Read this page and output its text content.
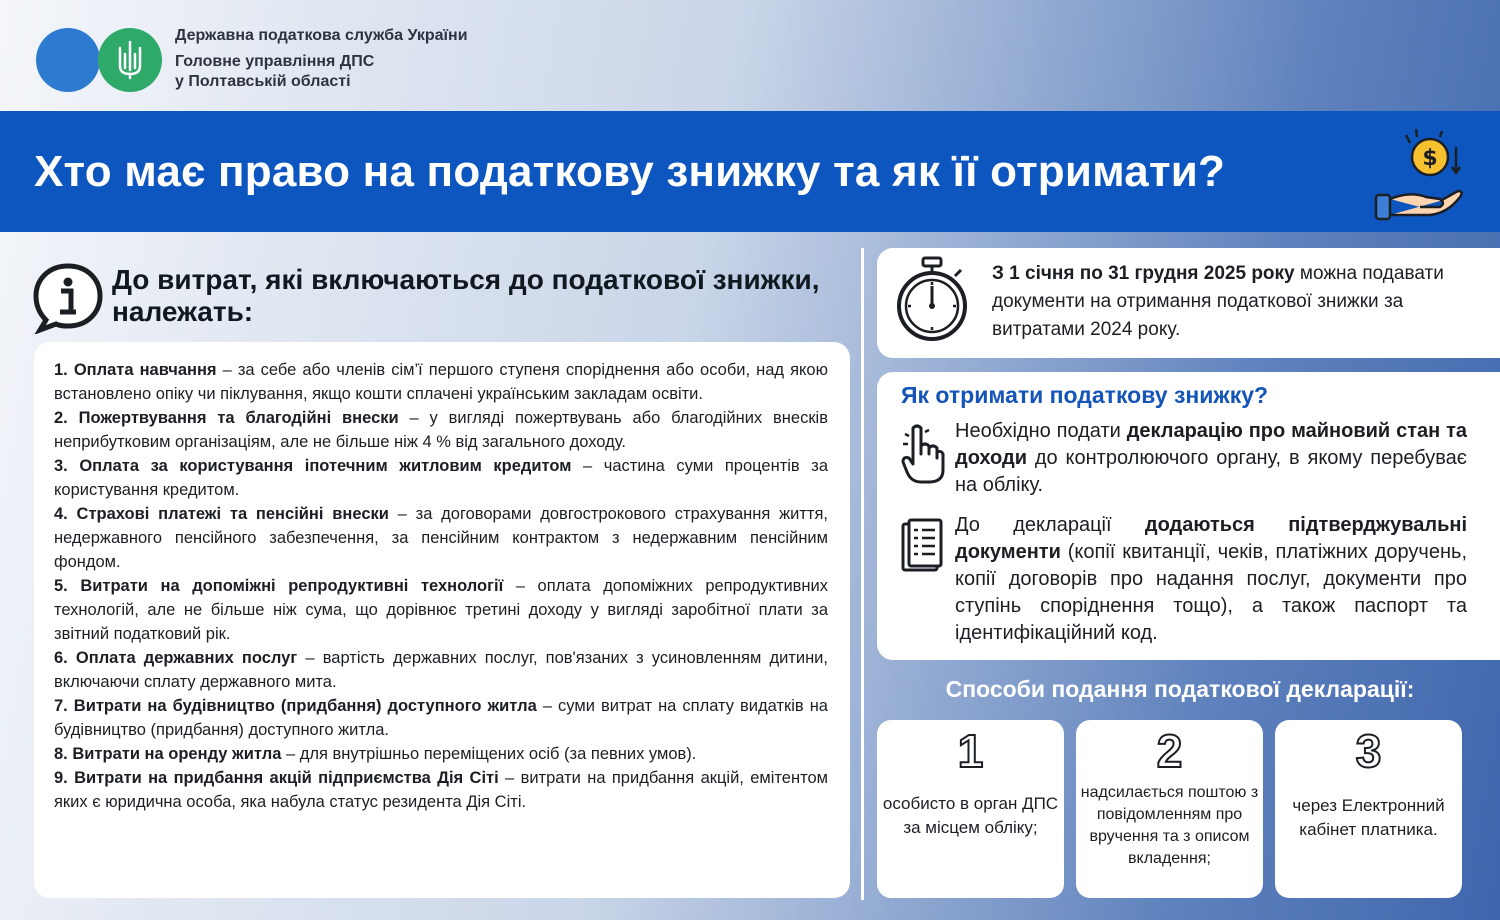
Державна податкова служба України
Головне управління ДПС
у Полтавській області
Хто має право на податкову знижку та як її отримати?	$
До витрат, які включаються до податкової знижки, належать:

1. Оплата навчання – за себе або членів сім’ї першого ступеня споріднення або особи, над якою встановлено опіку чи піклування, якщо кошти сплачені українським закладам освіти.

2. Пожертвування та благодійні внески – у вигляді пожертвувань або благодійних внесків неприбутковим організаціям, але не більше ніж 4 % від загального доходу.

3. Оплата за користування іпотечним житловим кредитом – частина суми процентів за користування кредитом.

4. Страхові платежі та пенсійні внески – за договорами довгострокового страхування життя, недержавного пенсійного забезпечення, за пенсійним контрактом з недержавним пенсійним фондом.

5. Витрати на допоміжні репродуктивні технології – оплата допоміжних репродуктивних технологій, але не більше ніж сума, що дорівнює третині доходу у вигляді заробітної плати за звітний податковий рік.

6. Оплата державних послуг – вартість державних послуг, пов'язаних з усиновленням дитини, включаючи сплату державного мита.

7. Витрати на будівництво (придбання) доступного житла – суми витрат на сплату видатків на будівництво (придбання) доступного житла.

8. Витрати на оренду житла – для внутрішньо переміщених осіб (за певних умов).

9. Витрати на придбання акцій підприємства Дія Сіті – витрати на придбання акцій, емітентом яких є юридична особа, яка набула статус резидента Дія Сіті.

З 1 січня по 31 грудня 2025 року можна подавати документи на отримання податкової знижки за витратами 2024 року.

Як отримати податкову знижку?

Необхідно подати декларацію про майновий стан та доходи до контролюючого органу, в якому перебуває на обліку.

До декларації додаються підтверджувальні документи (копії квитанції, чеків, платіжних доручень, копії договорів про надання послуг, документи про ступінь споріднення тощо), а також паспорт та ідентифікаційний код.

Способи подання податкової декларації:
1

особисто в орган ДПС за місцем обліку;

2

надсилається поштою з повідомленням про вручення та з описом вкладення;

3

через Електронний кабінет платника.
